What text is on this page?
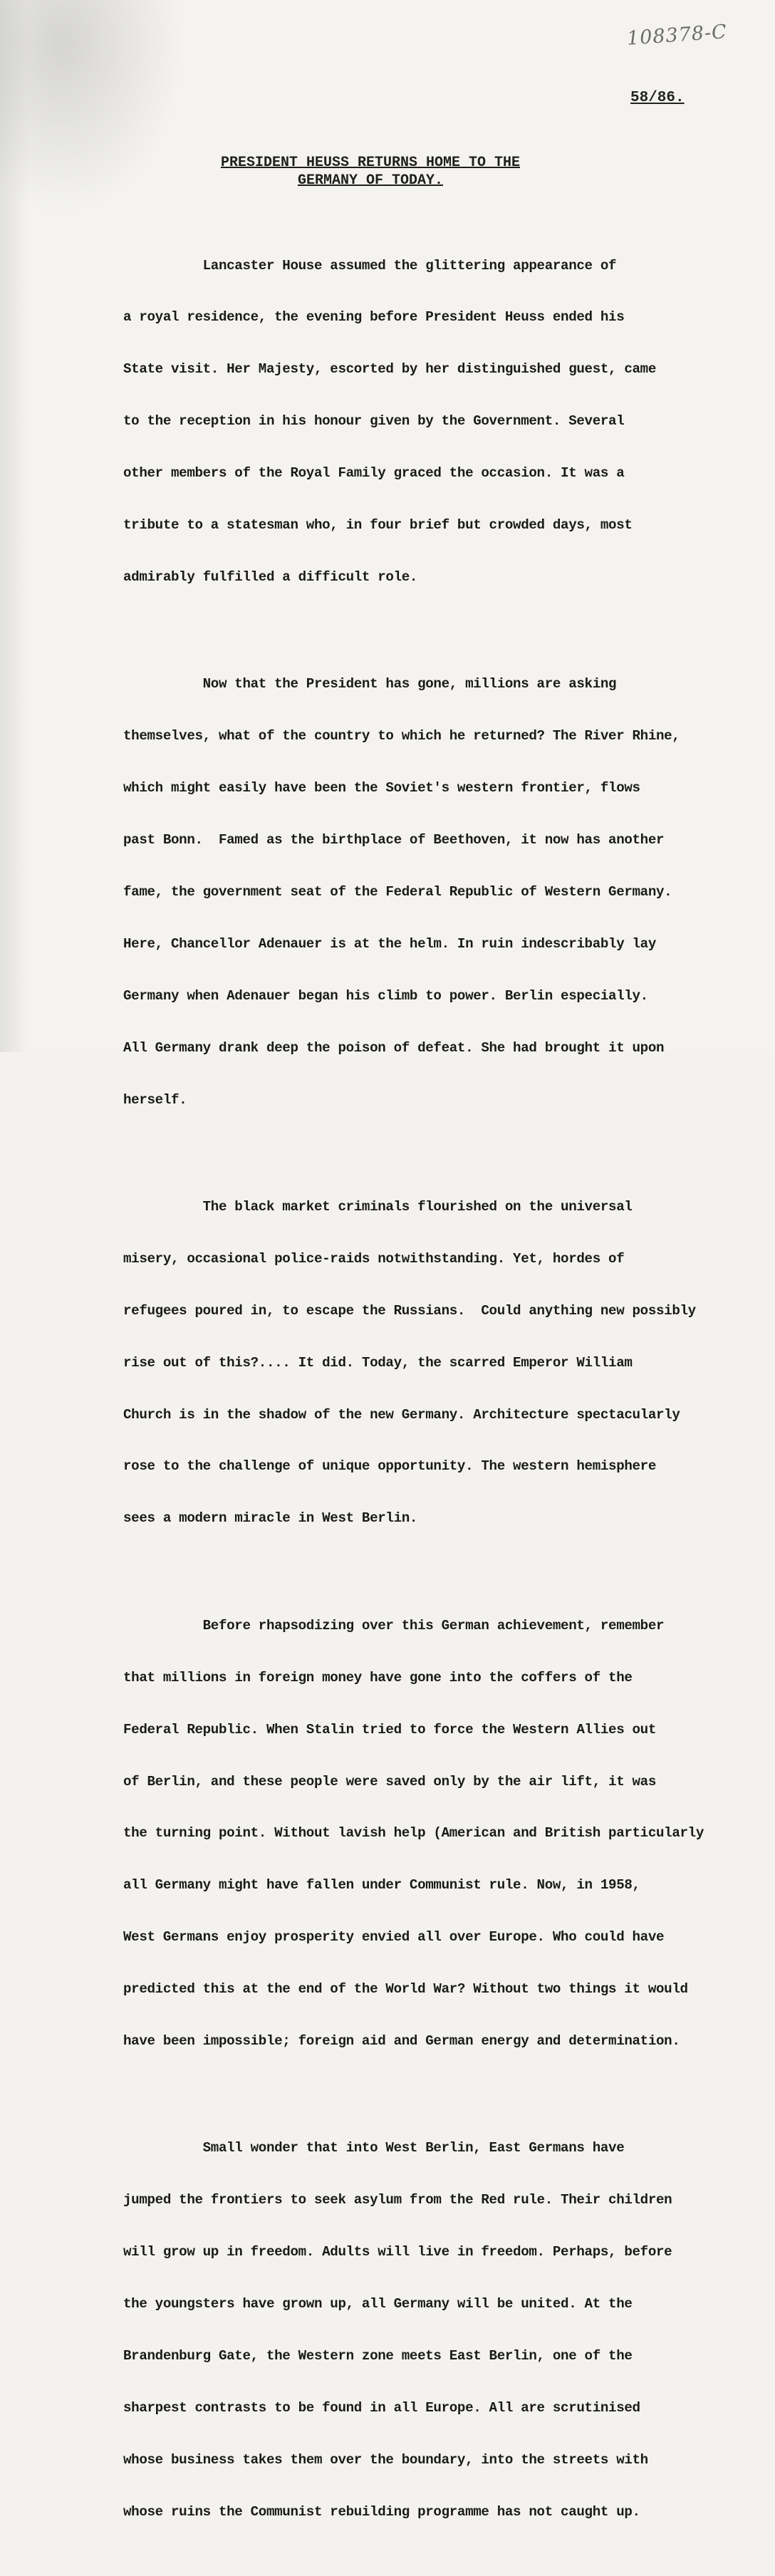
108378-C
58/86.
PRESIDENT HEUSS RETURNS HOME TO THE
GERMANY OF TODAY.

Lancaster House assumed the glittering appearance of

a royal residence, the evening before President Heuss ended his

State visit. Her Majesty, escorted by her distinguished guest, came

to the reception in his honour given by the Government. Several

other members of the Royal Family graced the occasion. It was a

tribute to a statesman who, in four brief but crowded days, most

admirably fulfilled a difficult role.

Now that the President has gone, millions are asking

themselves, what of the country to which he returned? The River Rhine,

which might easily have been the Soviet's western frontier, flows

past Bonn.  Famed as the birthplace of Beethoven, it now has another

fame, the government seat of the Federal Republic of Western Germany.

Here, Chancellor Adenauer is at the helm. In ruin indescribably lay

Germany when Adenauer began his climb to power. Berlin especially.

All Germany drank deep the poison of defeat. She had brought it upon

herself.

The black market criminals flourished on the universal

misery, occasional police-raids notwithstanding. Yet, hordes of

refugees poured in, to escape the Russians.  Could anything new possibly

rise out of this?.... It did. Today, the scarred Emperor William

Church is in the shadow of the new Germany. Architecture spectacularly

rose to the challenge of unique opportunity. The western hemisphere

sees a modern miracle in West Berlin.

Before rhapsodizing over this German achievement, remember

that millions in foreign money have gone into the coffers of the

Federal Republic. When Stalin tried to force the Western Allies out

of Berlin, and these people were saved only by the air lift, it was

the turning point. Without lavish help (American and British particularly

all Germany might have fallen under Communist rule. Now, in 1958,

West Germans enjoy prosperity envied all over Europe. Who could have

predicted this at the end of the World War? Without two things it would

have been impossible; foreign aid and German energy and determination.

Small wonder that into West Berlin, East Germans have

jumped the frontiers to seek asylum from the Red rule. Their children

will grow up in freedom. Adults will live in freedom. Perhaps, before

the youngsters have grown up, all Germany will be united. At the

Brandenburg Gate, the Western zone meets East Berlin, one of the

sharpest contrasts to be found in all Europe. All are scrutinised

whose business takes them over the boundary, into the streets with

whose ruins the Communist rebuilding programme has not caught up.
